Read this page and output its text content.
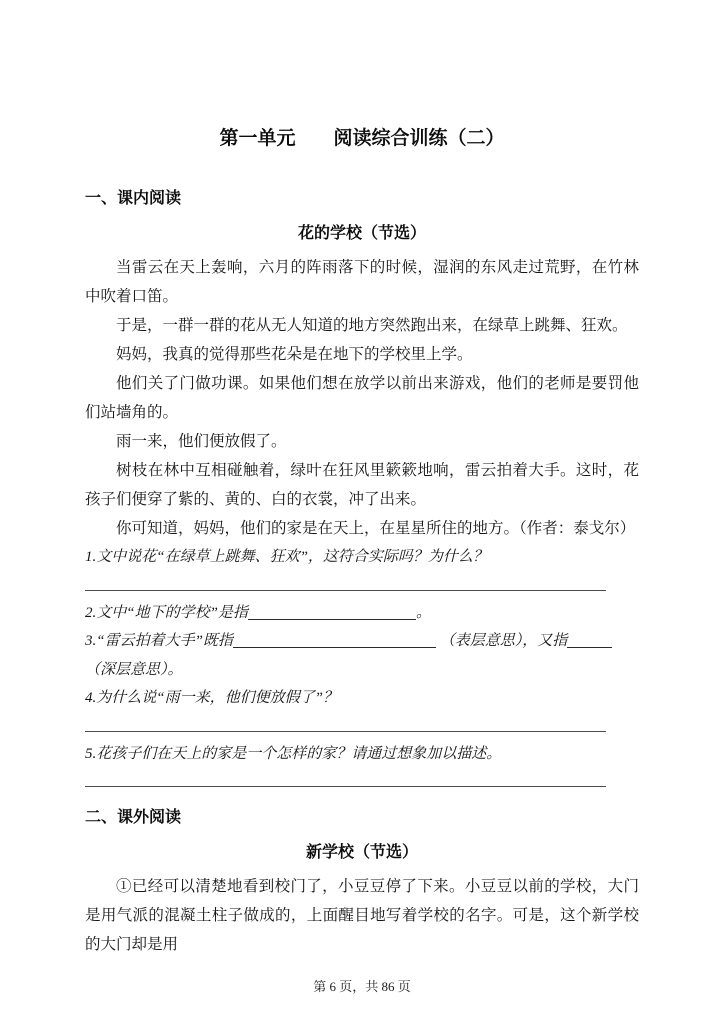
第一单元 阅读综合训练（二）
一、课内阅读
花的学校（节选）

当雷云在天上轰响，六月的阵雨落下的时候，湿润的东风走过荒野，在竹林中吹着口笛。

于是，一群一群的花从无人知道的地方突然跑出来，在绿草上跳舞、狂欢。

妈妈，我真的觉得那些花朵是在地下的学校里上学。

他们关了门做功课。如果他们想在放学以前出来游戏，他们的老师是要罚他们站墙角的。

雨一来，他们便放假了。

树枝在林中互相碰触着，绿叶在狂风里簌簌地响，雷云拍着大手。这时，花孩子们便穿了紫的、黄的、白的衣裳，冲了出来。

你可知道，妈妈，他们的家是在天上，在星星所住的地方。（作者：泰戈尔）

1.文中说花“在绿草上跳舞、狂欢”，这符合实际吗？为什么？
2.文中“地下的学校”是指	。
3.“雷云拍着大手”既指	（表层意思），又指
（深层意思）。
4.为什么说“雨一来，他们便放假了”？
5.花孩子们在天上的家是一个怎样的家？请通过想象加以描述。
二、课外阅读
新学校（节选）

①已经可以清楚地看到校门了，小豆豆停了下来。小豆豆以前的学校，大门是用气派的混凝土柱子做成的，上面醒目地写着学校的名字。可是，这个新学校的大门却是用

第 6 页，共 86 页
